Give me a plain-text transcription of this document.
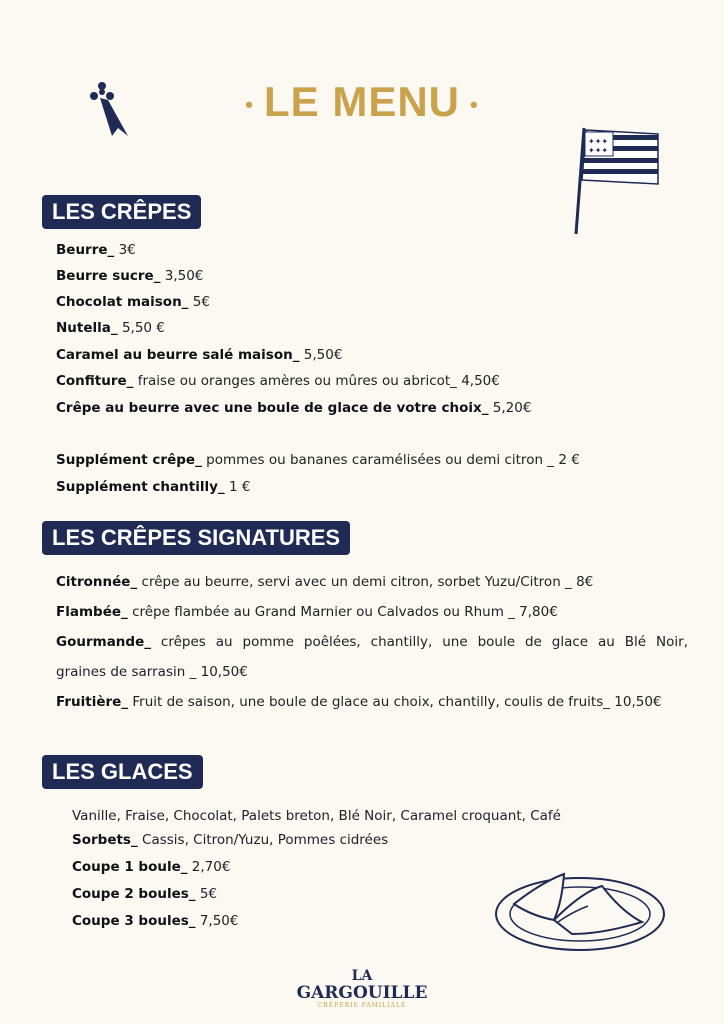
• LE MENU •
✦✦✦
✦✦✦
LES CRÊPES
Beurre_ 3€
Beurre sucre_ 3,50€
Chocolat maison_ 5€
Nutella_ 5,50 €
Caramel au beurre salé maison_ 5,50€
Confiture_ fraise ou oranges amères ou mûres ou abricot_ 4,50€
Crêpe au beurre avec une boule de glace de votre choix_ 5,20€
Supplément crêpe_ pommes ou bananes caramélisées ou demi citron _ 2 €
Supplément chantilly_ 1 €
LES CRÊPES SIGNATURES
Citronnée_ crêpe au beurre, servi avec un demi citron, sorbet Yuzu/Citron _ 8€
Flambée_ crêpe flambée au Grand Marnier ou Calvados ou Rhum _ 7,80€
Gourmande_ crêpes au pomme poêlées, chantilly, une boule de glace au Blé Noir,
graines de sarrasin _ 10,50€
Fruitière_ Fruit de saison, une boule de glace au choix, chantilly, coulis de fruits_ 10,50€
LES GLACES
Vanille, Fraise, Chocolat, Palets breton, Blé Noir, Caramel croquant, Café
Sorbets_ Cassis, Citron/Yuzu, Pommes cidrées
Coupe 1 boule_ 2,70€
Coupe 2 boules_ 5€
Coupe 3 boules_ 7,50€
LA
GARGOUILLE
CRÊPERIE FAMILIALE
